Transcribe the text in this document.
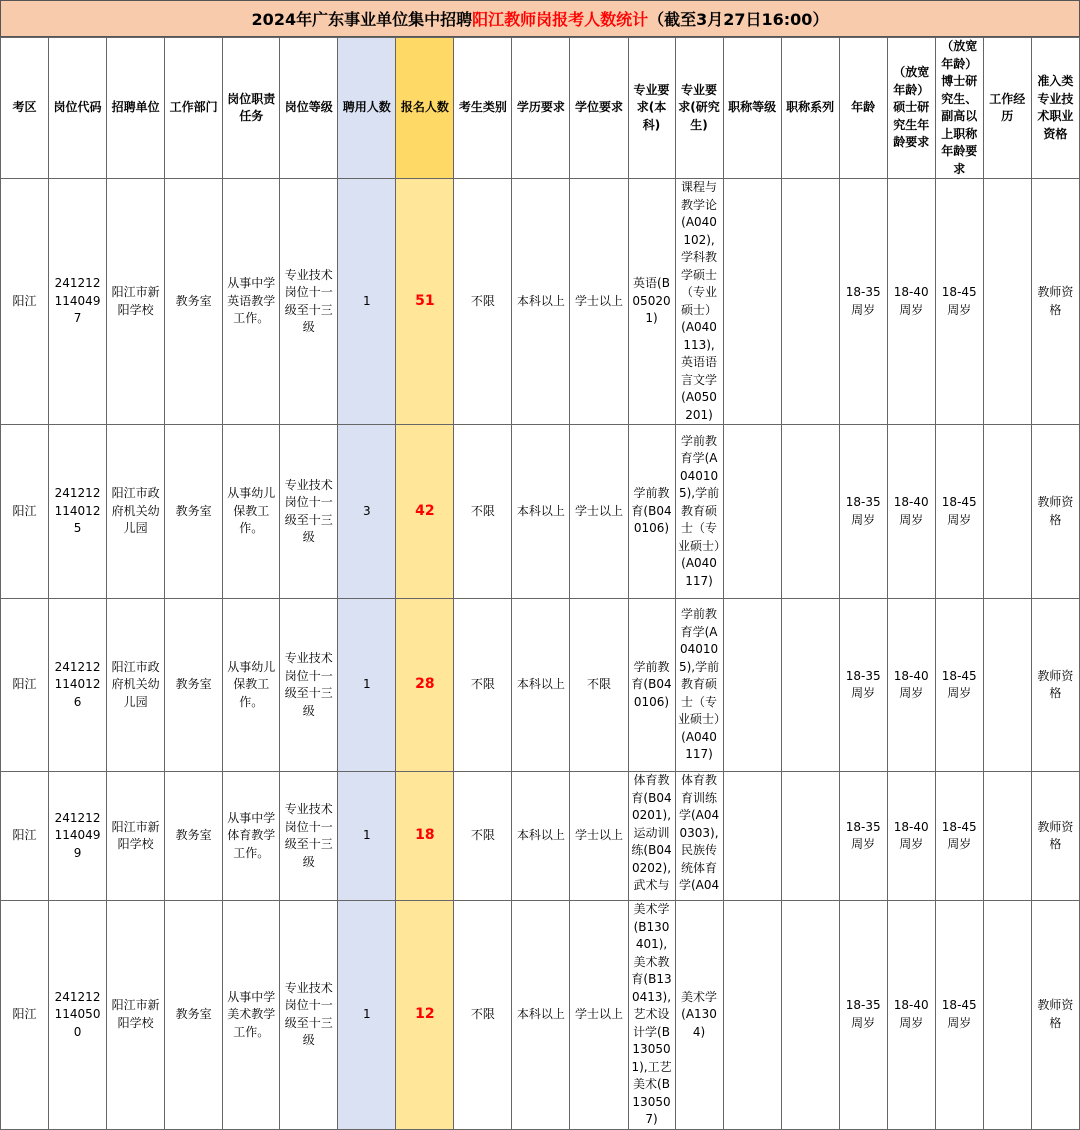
2024年广东事业单位集中招聘 阳江教师岗报考人数统计 （截至3月27日16:00）
考区	岗位代码	招聘单位	工作部门	岗位职责任务	岗位等级	聘用人数	报名人数	考生类别	学历要求	学位要求	专业要求(本科)	专业要求(研究生)	职称等级	职称系列	年龄	（放宽年龄）硕士研究生年龄要求	（放宽年龄）博士研究生、副高以上职称年龄要求	工作经历	准入类专业技术职业资格
阳江	2412121140497	阳江市新阳学校	教务室	从事中学英语教学工作。	专业技术岗位十一级至十三级	1	51	不限	本科以上	学士以上	英语(B050201)	课程与教学论(A040102),学科教学硕士（专业硕士）(A040113),英语语言文学(A050201)			18-35周岁	18-40周岁	18-45周岁		教师资格
阳江	2412121140125	阳江市政府机关幼儿园	教务室	从事幼儿保教工作。	专业技术岗位十一级至十三级	3	42	不限	本科以上	学士以上	学前教育(B040106)	学前教育学(A040105),学前教育硕士（专业硕士）(A040117)			18-35周岁	18-40周岁	18-45周岁		教师资格
阳江	2412121140126	阳江市政府机关幼儿园	教务室	从事幼儿保教工作。	专业技术岗位十一级至十三级	1	28	不限	本科以上	不限	学前教育(B040106)	学前教育学(A040105),学前教育硕士（专业硕士）(A040117)			18-35周岁	18-40周岁	18-45周岁		教师资格
阳江	2412121140499	阳江市新阳学校	教务室	从事中学体育教学工作。	专业技术岗位十一级至十三级	1	18	不限	本科以上	学士以上	体育教育(B040201),运动训练(B040202),武术与	体育教育训练学(A040303),民族传统体育学(A04			18-35周岁	18-40周岁	18-45周岁		教师资格
阳江	2412121140500	阳江市新阳学校	教务室	从事中学美术教学工作。	专业技术岗位十一级至十三级	1	12	不限	本科以上	学士以上	美术学(B130401),美术教育(B130413),艺术设计学(B130501),工艺美术(B130507)	美术学(A1304)			18-35周岁	18-40周岁	18-45周岁		教师资格
